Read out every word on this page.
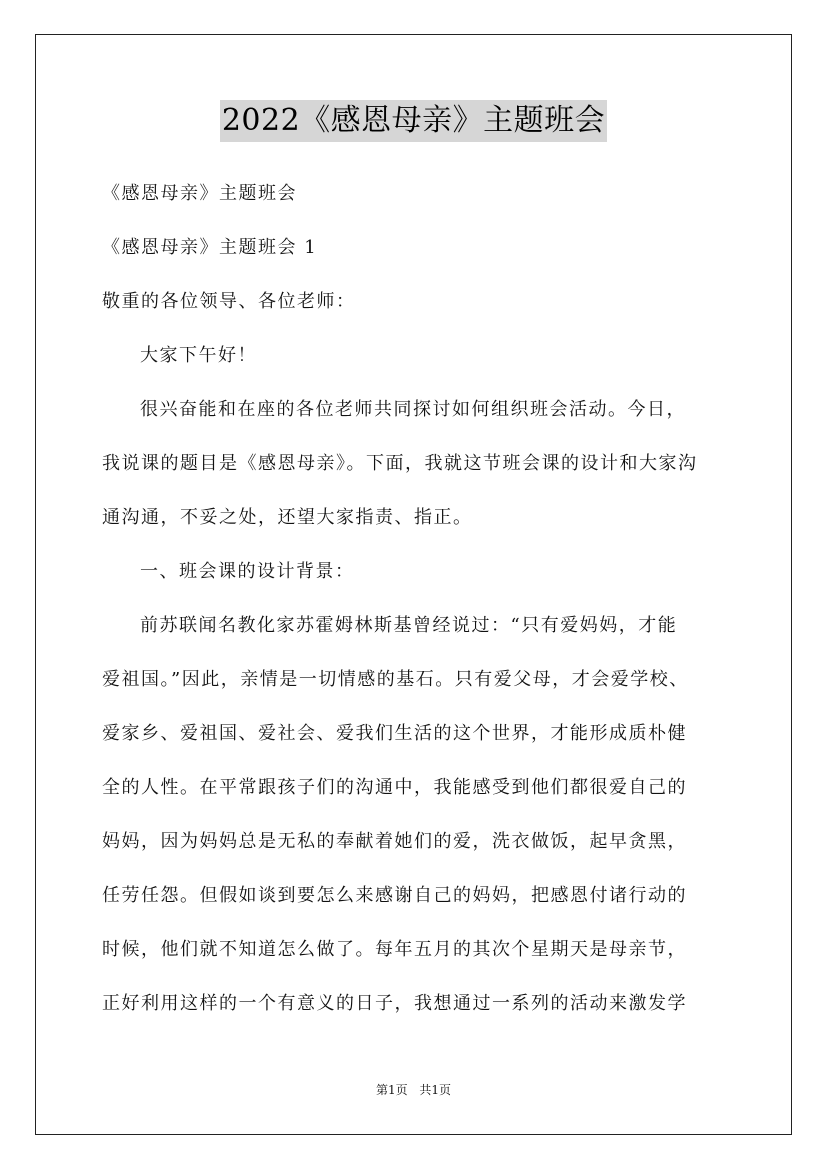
2022《感恩母亲》主题班会
《感恩母亲》主题班会
《感恩母亲》主题班会 1
敬重的各位领导、各位老师：
大家下午好！
很兴奋能和在座的各位老师共同探讨如何组织班会活动。今日，
我说课的题目是《感恩母亲》。下面，我就这节班会课的设计和大家沟
通沟通，不妥之处，还望大家指责、指正。
一、班会课的设计背景：
前苏联闻名教化家苏霍姆林斯基曾经说过：“只有爱妈妈，才能
爱祖国。”因此，亲情是一切情感的基石。只有爱父母，才会爱学校、
爱家乡、爱祖国、爱社会、爱我们生活的这个世界，才能形成质朴健
全的人性。在平常跟孩子们的沟通中，我能感受到他们都很爱自己的
妈妈，因为妈妈总是无私的奉献着她们的爱，洗衣做饭，起早贪黑，
任劳任怨。但假如谈到要怎么来感谢自己的妈妈，把感恩付诸行动的
时候，他们就不知道怎么做了。每年五月的其次个星期天是母亲节，
正好利用这样的一个有意义的日子，我想通过一系列的活动来激发学
第1页 共1页
